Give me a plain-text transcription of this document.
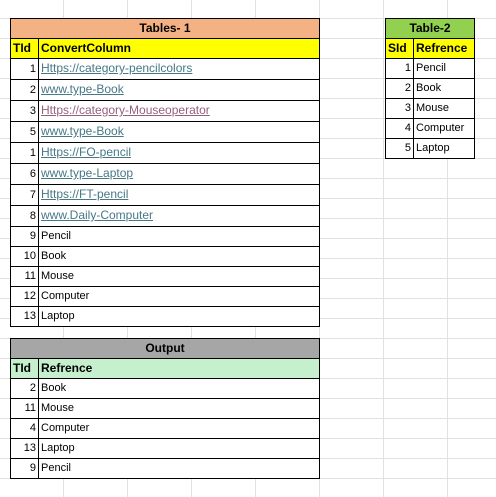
Tables- 1	
TId	ConvertColumn
1	Https://category-pencilcolors
2	www.type-Book
3	Https://category-Mouseoperator
5	www.type-Book
1	Https://FO-pencil
6	www.type-Laptop
7	Https://FT-pencil
8	www.Daily-Computer
9	Pencil
10	Book
11	Mouse
12	Computer
13	Laptop
Table-2	
SId	Refrence
1	Pencil
2	Book
3	Mouse
4	Computer
5	Laptop
Output	
TId	Refrence
2	Book
11	Mouse
4	Computer
13	Laptop
9	Pencil
